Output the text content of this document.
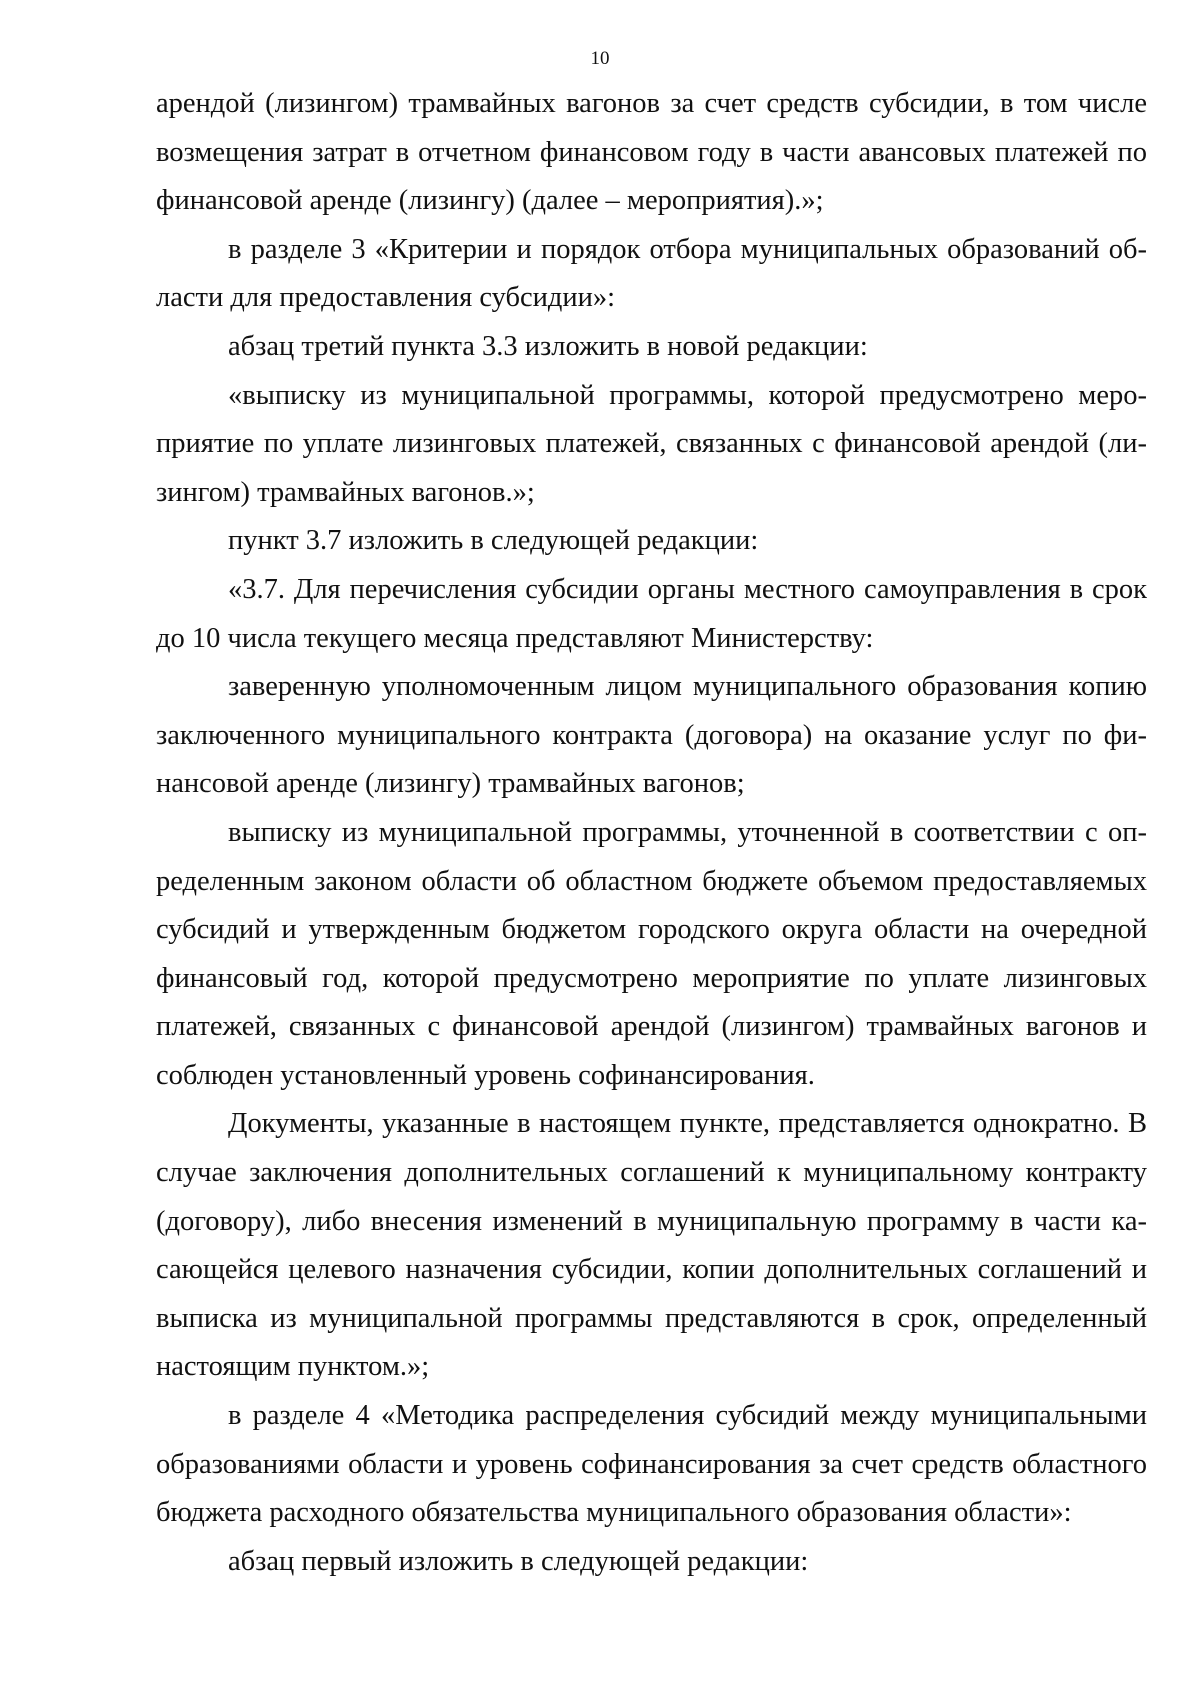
10

арендой (лизингом) трамвайных вагонов за счет средств субсидии, в том числе возмещения затрат в отчетном финансовом году в части авансовых платежей по финансовой аренде (лизингу) (далее – мероприятия).»;

в разделе 3 «Критерии и порядок отбора муниципальных образований области для предоставления субсидии»:

абзац третий пункта 3.3 изложить в новой редакции:

«выписку из муниципальной программы, которой предусмотрено мероприятие по уплате лизинговых платежей, связанных с финансовой арендой (лизингом) трамвайных вагонов.»;

пункт 3.7 изложить в следующей редакции:

«3.7. Для перечисления субсидии органы местного самоуправления в срок до 10 числа текущего месяца представляют Министерству:

заверенную уполномоченным лицом муниципального образования копию заключенного муниципального контракта (договора) на оказание услуг по финансовой аренде (лизингу) трамвайных вагонов;

выписку из муниципальной программы, уточненной в соответствии с определенным законом области об областном бюджете объемом предоставляемых субсидий и утвержденным бюджетом городского округа области на очередной финансовый год, которой предусмотрено мероприятие по уплате лизинговых платежей, связанных с финансовой арендой (лизингом) трамвайных вагонов и соблюден установленный уровень софинансирования.

Документы, указанные в настоящем пункте, представляется однократно. В случае заключения дополнительных соглашений к муниципальному контракту (договору), либо внесения изменений в муниципальную программу в части касающейся целевого назначения субсидии, копии дополнительных соглашений и выписка из муниципальной программы представляются в срок, определенный настоящим пунктом.»;

в разделе 4 «Методика распределения субсидий между муниципальными образованиями области и уровень софинансирования за счет средств областного бюджета расходного обязательства муниципального образования области»:

абзац первый изложить в следующей редакции:
